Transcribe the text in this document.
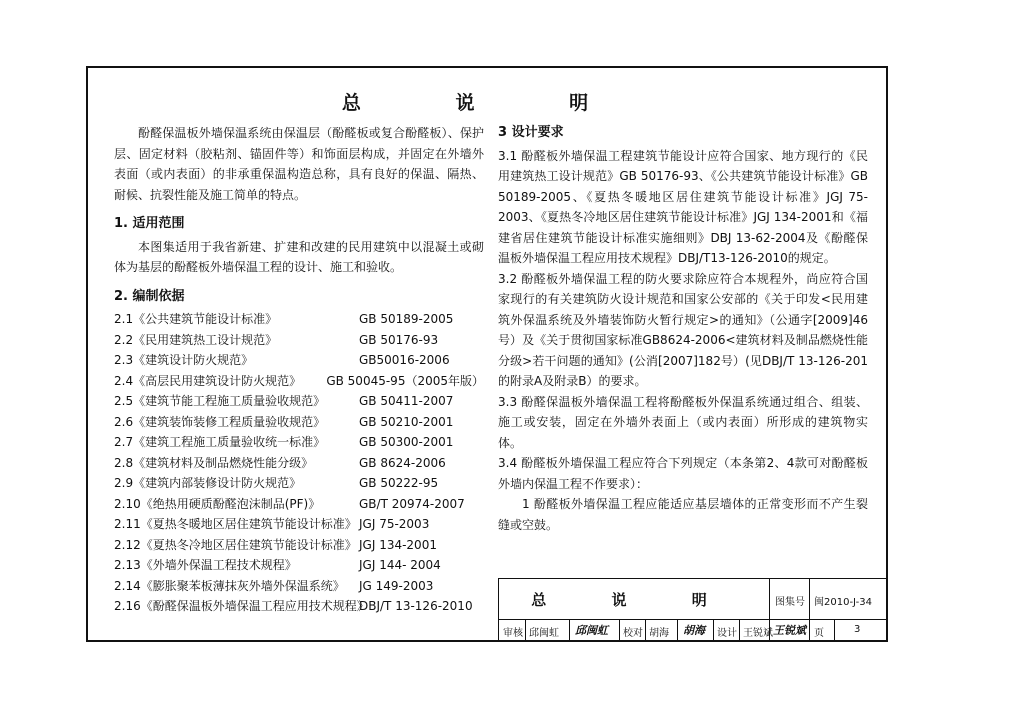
总 说 明

酚醛保温板外墙保温系统由保温层（酚醛板或复合酚醛板）、保护层、固定材料（胶粘剂、锚固件等）和饰面层构成，并固定在外墙外表面（或内表面）的非承重保温构造总称，具有良好的保温、隔热、耐候、抗裂性能及施工简单的特点。

1. 适用范围

本图集适用于我省新建、扩建和改建的民用建筑中以混凝土或砌体为基层的酚醛板外墙保温工程的设计、施工和验收。

2. 编制依据
2.1《公共建筑节能设计标准》	GB 50189-2005
2.2《民用建筑热工设计规范》	GB 50176-93
2.3《建筑设计防火规范》	GB50016-2006
2.4《高层民用建筑设计防火规范》	GB 50045-95（2005年版）
2.5《建筑节能工程施工质量验收规范》	GB 50411-2007
2.6《建筑装饰装修工程质量验收规范》	GB 50210-2001
2.7《建筑工程施工质量验收统一标准》	GB 50300-2001
2.8《建筑材料及制品燃烧性能分级》	GB 8624-2006
2.9《建筑内部装修设计防火规范》	GB 50222-95
2.10《绝热用硬质酚醛泡沫制品(PF)》	GB/T 20974-2007
2.11《夏热冬暖地区居住建筑节能设计标准》 JGJ 75-2003
2.12《夏热冬冷地区居住建筑节能设计标准》 JGJ 134-2001
2.13《外墙外保温工程技术规程》	JGJ 144- 2004
2.14《膨胀聚苯板薄抹灰外墙外保温系统》	JG 149-2003
2.16《酚醛保温板外墙保温工程应用技术规程》
DBJ/T 13-126-2010
3 设计要求

3.1 酚醛板外墙保温工程建筑节能设计应符合国家、地方现行的《民用建筑热工设计规范》GB 50176-93、《公共建筑节能设计标准》GB 50189-2005、《夏热冬暖地区居住建筑节能设计标准》JGJ 75-2003、《夏热冬冷地区居住建筑节能设计标准》JGJ 134-2001和《福建省居住建筑节能设计标准实施细则》DBJ 13-62-2004及《酚醛保温板外墙保温工程应用技术规程》DBJ/T13-126-2010的规定。

3.2 酚醛板外墙保温工程的防火要求除应符合本规程外，尚应符合国家现行的有关建筑防火设计规范和国家公安部的《关于印发<民用建筑外保温系统及外墙装饰防火暂行规定>的通知》（公通字[2009]46号）及《关于贯彻国家标准GB8624-2006<建筑材料及制品燃烧性能分级>若干问题的通知》(公消[2007]182号）(见DBJ/T 13-126-201的附录A及附录B）的要求。

3.3 酚醛保温板外墙保温工程将酚醛板外保温系统通过组合、组装、施工或安装，固定在外墙外表面上（或内表面）所形成的建筑物实体。

3.4 酚醛板外墙保温工程应符合下列规定（本条第2、4款可对酚醛板外墙内保温工程不作要求）：

1 酚醛板外墙保温工程应能适应基层墙体的正常变形而不产生裂缝或空鼓。

总 说 明	图集号 闽2010-J-34
审核 邱闽虹 邱闽虹 校对 胡海 胡海 设计 王锐斌 王锐斌 页	3
